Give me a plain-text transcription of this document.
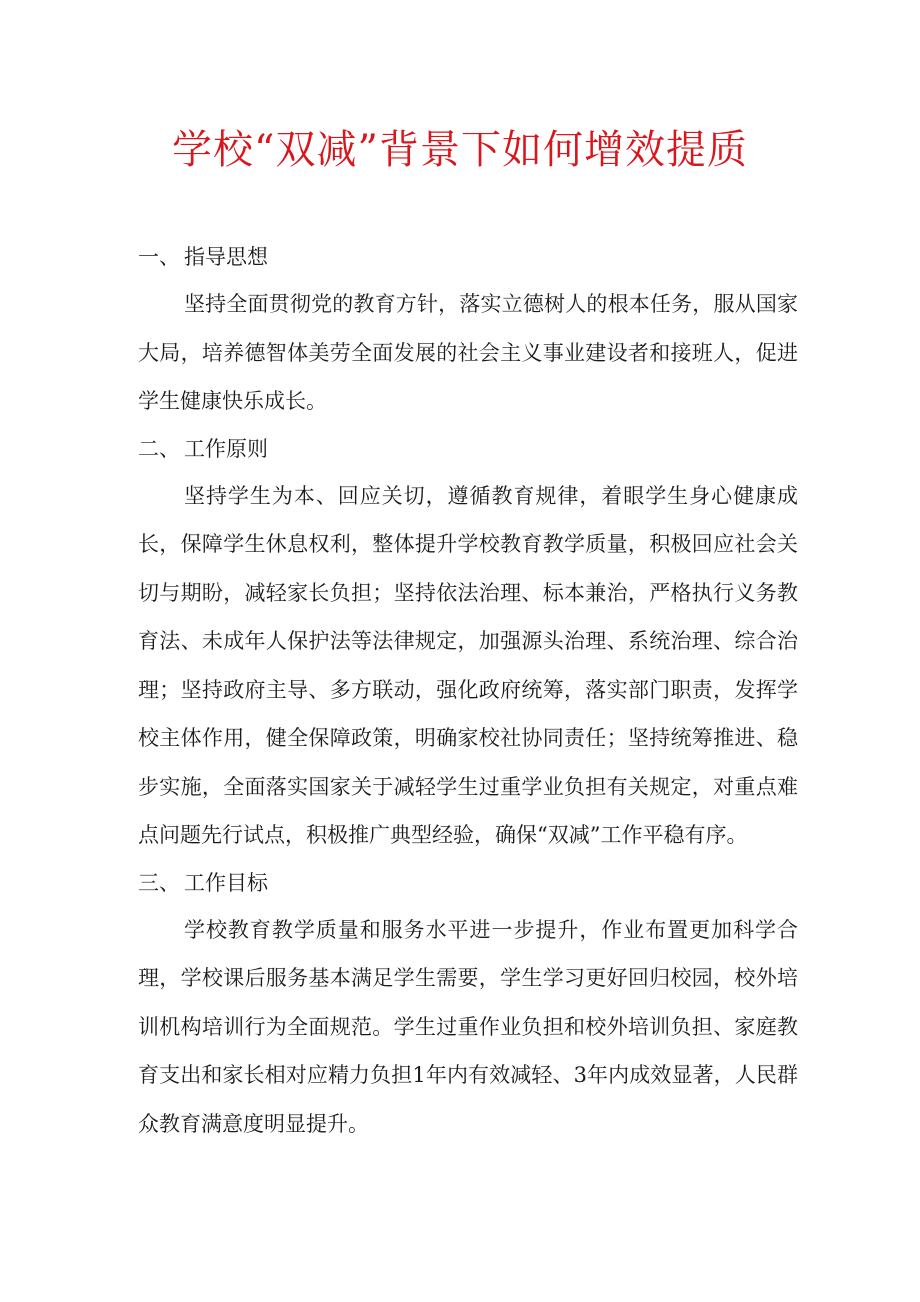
学校“双减”背景下如何增效提质
一、 指导思想

坚持全面贯彻党的教育方针，落实立德树人的根本任务，服从国家大局，培养德智体美劳全面发展的社会主义事业建设者和接班人，促进学生健康快乐成长。

二、 工作原则

坚持学生为本、回应关切，遵循教育规律，着眼学生身心健康成长，保障学生休息权利，整体提升学校教育教学质量，积极回应社会关切与期盼，减轻家长负担；坚持依法治理、标本兼治，严格执行义务教育法、未成年人保护法等法律规定，加强源头治理、系统治理、综合治理；坚持政府主导、多方联动，强化政府统筹，落实部门职责，发挥学校主体作用，健全保障政策，明确家校社协同责任；坚持统筹推进、稳步实施，全面落实国家关于减轻学生过重学业负担有关规定，对重点难点问题先行试点，积极推广典型经验，确保“双减”工作平稳有序。

三、 工作目标

学校教育教学质量和服务水平进一步提升，作业布置更加科学合理，学校课后服务基本满足学生需要，学生学习更好回归校园，校外培训机构培训行为全面规范。学生过重作业负担和校外培训负担、家庭教育支出和家长相对应精力负担1年内有效减轻、3年内成效显著，人民群众教育满意度明显提升。
